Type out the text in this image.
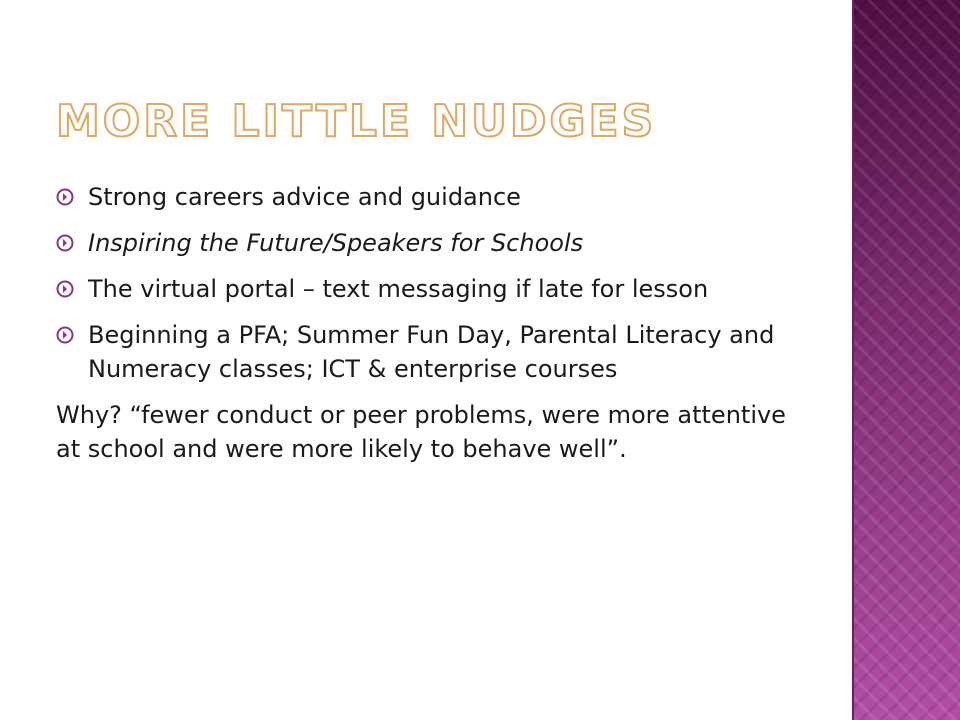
MORE LITTLE NUDGES
Strong careers advice and guidance
Inspiring the Future/Speakers for Schools
The virtual portal – text messaging if late for lesson
Beginning a PFA; Summer Fun Day, Parental Literacy and Numeracy classes; ICT & enterprise courses

Why? “fewer conduct or peer problems, were more attentive at school and were more likely to behave well”.
